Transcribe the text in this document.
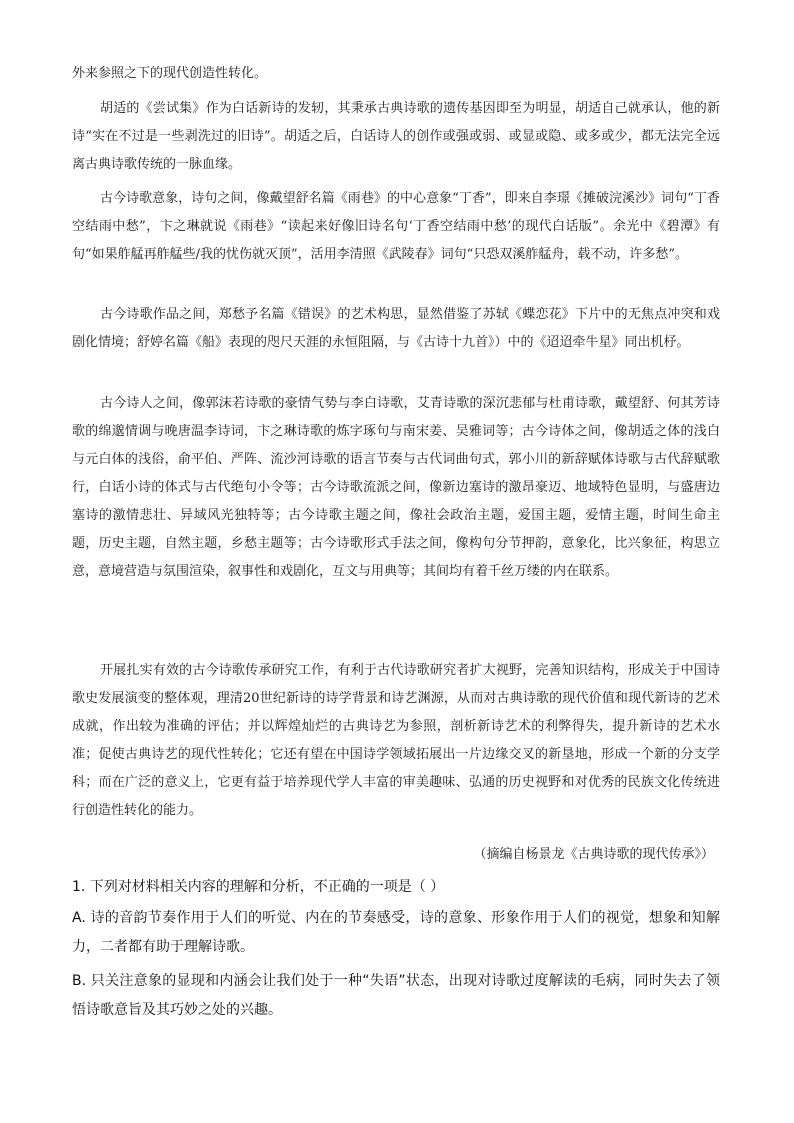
外来参照之下的现代创造性转化。

胡适的《尝试集》作为白话新诗的发轫，其秉承古典诗歌的遗传基因即至为明显，胡适自己就承认，他的新诗“实在不过是一些剥洗过的旧诗”。胡适之后，白话诗人的创作或强或弱、或显或隐、或多或少，都无法完全远离古典诗歌传统的一脉血缘。

古今诗歌意象，诗句之间，像戴望舒名篇《雨巷》的中心意象“丁香”，即来自李璟《摊破浣溪沙》词句“丁香空结雨中愁”，卞之琳就说《雨巷》“读起来好像旧诗名句‘丁香空结雨中愁’的现代白话版”。余光中《碧潭》有句“如果舴艋再舴艋些/我的忧伤就灭顶”，活用李清照《武陵春》词句“只恐双溪舴艋舟，载不动，许多愁”。

古今诗歌作品之间，郑愁予名篇《错误》的艺术构思，显然借鉴了苏轼《蝶恋花》下片中的无焦点冲突和戏剧化情境；舒婷名篇《船》表现的咫尺天涯的永恒阻隔，与《古诗十九首》）中的《迢迢牵牛星》同出机杼。

古今诗人之间，像郭沫若诗歌的豪情气势与李白诗歌，艾青诗歌的深沉悲郁与杜甫诗歌，戴望舒、何其芳诗歌的绵邈情调与晚唐温李诗词，卞之琳诗歌的炼字琢句与南宋姜、吴雅词等；古今诗体之间，像胡适之体的浅白与元白体的浅俗，俞平伯、严阵、流沙河诗歌的语言节奏与古代词曲句式，郭小川的新辞赋体诗歌与古代辞赋歌行，白话小诗的体式与古代绝句小令等；古今诗歌流派之间，像新边塞诗的激昂豪迈、地域特色显明，与盛唐边塞诗的激情悲壮、异域风光独特等；古今诗歌主题之间，像社会政治主题，爱国主题，爱情主题，时间生命主题，历史主题，自然主题，乡愁主题等；古今诗歌形式手法之间，像构句分节押韵，意象化，比兴象征，构思立意，意境营造与氛围渲染，叙事性和戏剧化，互文与用典等；其间均有着千丝万缕的内在联系。

开展扎实有效的古今诗歌传承研究工作，有利于古代诗歌研究者扩大视野，完善知识结构，形成关于中国诗歌史发展演变的整体观，理清20世纪新诗的诗学背景和诗艺渊源，从而对古典诗歌的现代价值和现代新诗的艺术成就，作出较为准确的评估；并以辉煌灿烂的古典诗艺为参照，剖析新诗艺术的利弊得失，提升新诗的艺术水准；促使古典诗艺的现代性转化；它还有望在中国诗学领域拓展出一片边缘交叉的新垦地，形成一个新的分支学科；而在广泛的意义上，它更有益于培养现代学人丰富的审美趣味、弘通的历史视野和对优秀的民族文化传统进行创造性转化的能力。

（摘编自杨景龙《古典诗歌的现代传承》）

1. 下列对材料相关内容的理解和分析，不正确的一项是（ ）

A. 诗的音韵节奏作用于人们的听觉、内在的节奏感受，诗的意象、形象作用于人们的视觉，想象和知解力，二者都有助于理解诗歌。

B. 只关注意象的显现和内涵会让我们处于一种“失语”状态，出现对诗歌过度解读的毛病，同时失去了领悟诗歌意旨及其巧妙之处的兴趣。
